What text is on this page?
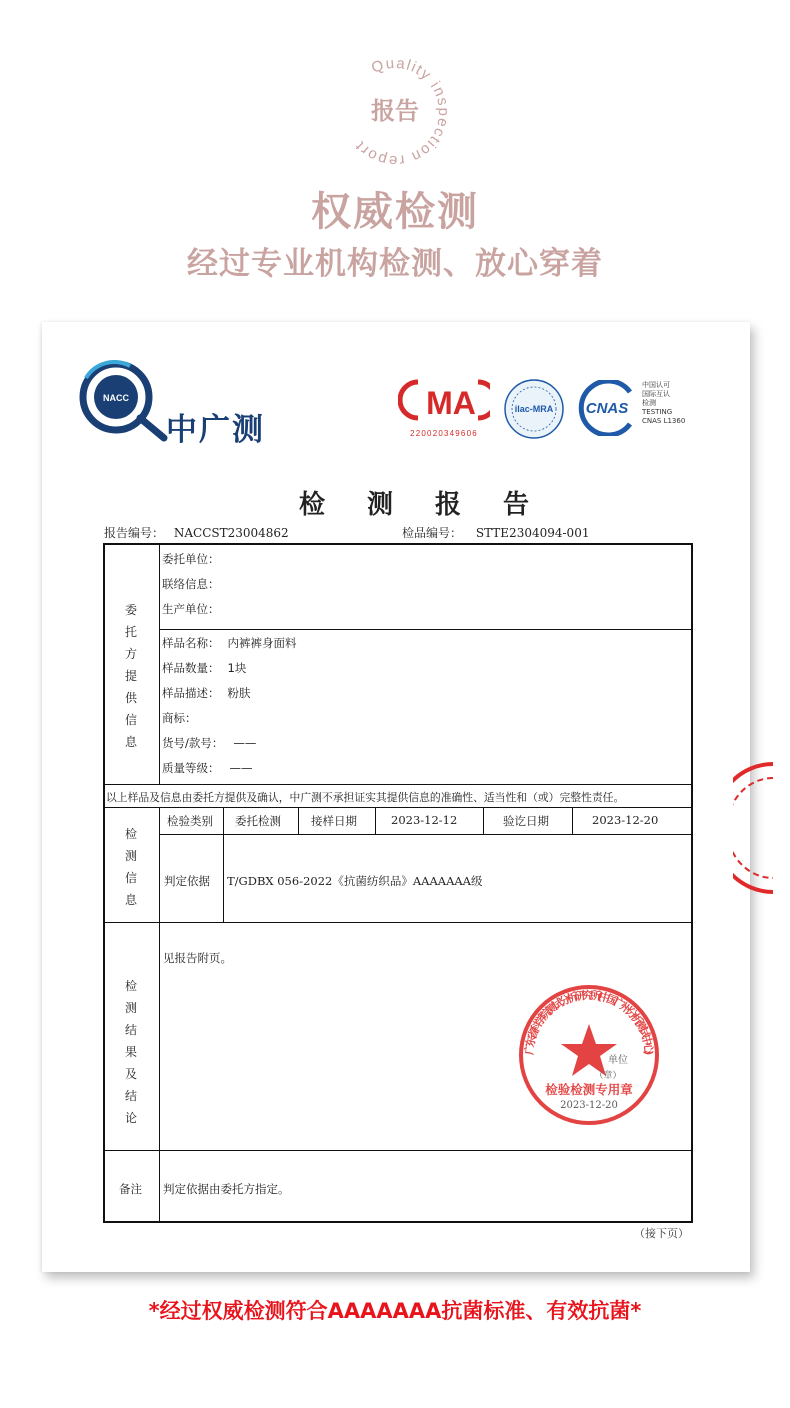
Quality inspection report
报告
权威检测
经过专业机构检测、放心穿着
NACC
中广测
MA
220020349606
ilac-MRA CNAS
中国认可
国际互认
检测
TESTING
CNAS L1360
检测报告
报告编号： NACCST23004862	检品编号： STTE2304094-001
委
托
方
提
供
信
息
委托单位：
联络信息：
生产单位：
样品名称： 内裤裤身面料
样品数量： 1块
样品描述： 粉肤
商标：
货号/款号： ——
质量等级： ——
以上样品及信息由委托方提供及确认，中广测不承担证实其提供信息的准确性、适当性和（或）完整性责任。
检
测
信
息
检验类别 委托检测	接样日期	2023-12-12	验讫日期	2023-12-20
判定依据 T/GDBX 056-2022《抗菌纺织品》AAAAAAA级
检
测
结
果
及
结
论
见报告附页。
备注 判定依据由委托方指定。
广东省科学院测试分析研究所(中国广州分析测试中心)
单位
（章）
检验检测专用章
2023-12-20
（接下页）
*经过权威检测符合AAAAAAA抗菌标准、有效抗菌*
